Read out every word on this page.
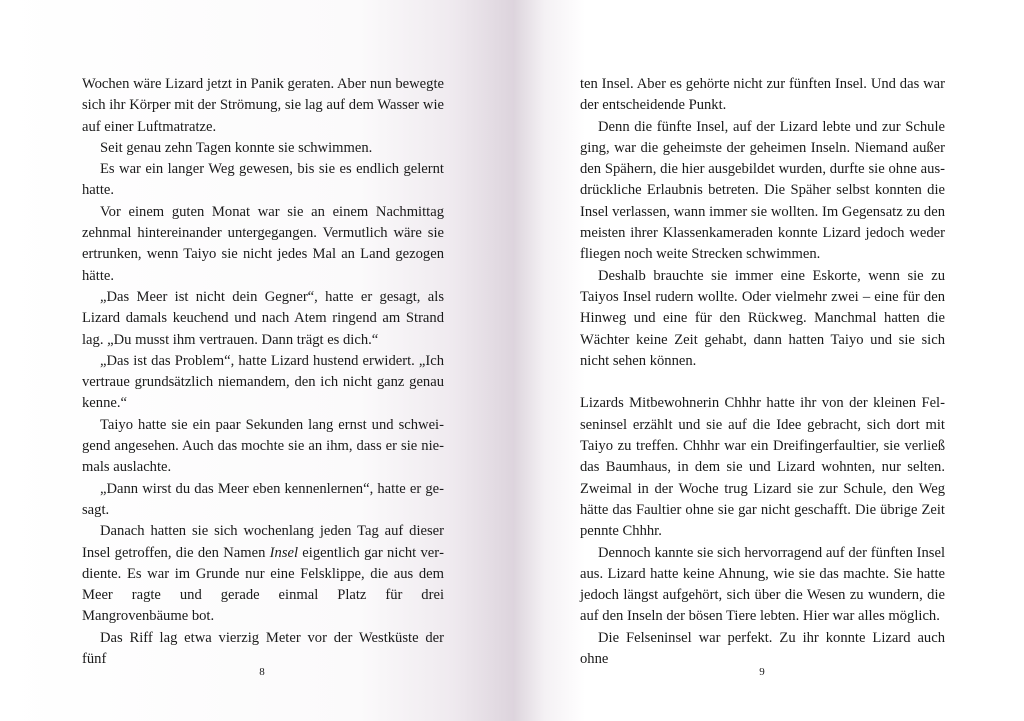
Wochen wäre Lizard jetzt in Panik geraten. Aber nun bewegte sich ihr Körper mit der Strömung, sie lag auf dem Wasser wie auf einer Luftmatratze.

Seit genau zehn Tagen konnte sie schwimmen.

Es war ein langer Weg gewesen, bis sie es endlich gelernt hatte.

Vor einem guten Monat war sie an einem Nachmittag zehnmal hintereinander untergegangen. Vermutlich wäre sie ertrunken, wenn Taiyo sie nicht jedes Mal an Land gezogen hätte.

„Das Meer ist nicht dein Gegner“, hatte er gesagt, als Lizard damals keuchend und nach Atem ringend am Strand lag. „Du musst ihm vertrauen. Dann trägt es dich.“

„Das ist das Problem“, hatte Lizard hustend erwidert. „Ich vertraue grundsätzlich niemandem, den ich nicht ganz genau kenne.“

Taiyo hatte sie ein paar Sekunden lang ernst und schweigend angesehen. Auch das mochte sie an ihm, dass er sie niemals auslachte.

„Dann wirst du das Meer eben kennenlernen“, hatte er gesagt.

Danach hatten sie sich wochenlang jeden Tag auf dieser Insel getroffen, die den Namen Insel eigentlich gar nicht verdiente. Es war im Grunde nur eine Felsklippe, die aus dem Meer ragte und gerade einmal Platz für drei Mangrovenbäume bot.

Das Riff lag etwa vierzig Meter vor der Westküste der fünf

8

ten Insel. Aber es gehörte nicht zur fünften Insel. Und das war der entscheidende Punkt.

Denn die fünfte Insel, auf der Lizard lebte und zur Schule ging, war die geheimste der geheimen Inseln. Niemand außer den Spähern, die hier ausgebildet wurden, durfte sie ohne ausdrückliche Erlaubnis betreten. Die Späher selbst konnten die Insel verlassen, wann immer sie wollten. Im Gegensatz zu den meisten ihrer Klassenkameraden konnte Lizard jedoch weder fliegen noch weite Strecken schwimmen.

Deshalb brauchte sie immer eine Eskorte, wenn sie zu Taiyos Insel rudern wollte. Oder vielmehr zwei – eine für den Hinweg und eine für den Rückweg. Manchmal hatten die Wächter keine Zeit gehabt, dann hatten Taiyo und sie sich nicht sehen können.

Lizards Mitbewohnerin Chhhr hatte ihr von der kleinen Felseninsel erzählt und sie auf die Idee gebracht, sich dort mit Taiyo zu treffen. Chhhr war ein Dreifingerfaultier, sie verließ das Baumhaus, in dem sie und Lizard wohnten, nur selten. Zweimal in der Woche trug Lizard sie zur Schule, den Weg hätte das Faultier ohne sie gar nicht geschafft. Die übrige Zeit pennte Chhhr.

Dennoch kannte sie sich hervorragend auf der fünften Insel aus. Lizard hatte keine Ahnung, wie sie das machte. Sie hatte jedoch längst aufgehört, sich über die Wesen zu wundern, die auf den Inseln der bösen Tiere lebten. Hier war alles möglich.

Die Felseninsel war perfekt. Zu ihr konnte Lizard auch ohne

9
